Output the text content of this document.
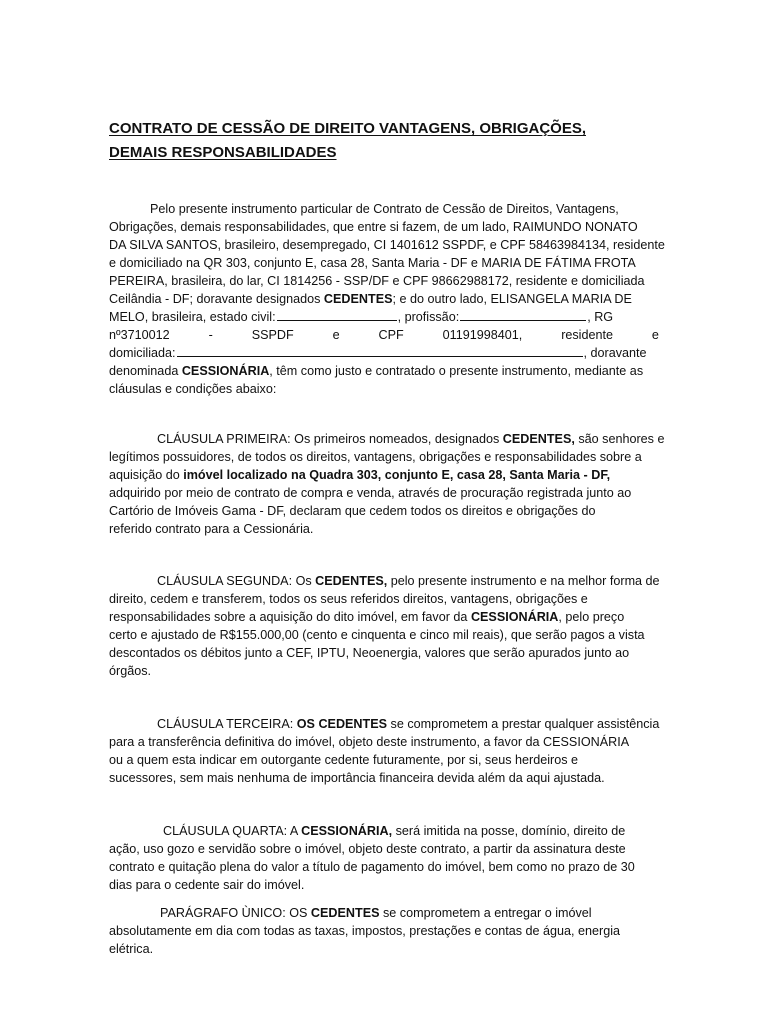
CONTRATO DE CESSÃO DE DIREITO VANTAGENS, OBRIGAÇÕES,
DEMAIS RESPONSABILIDADES
Pelo presente instrumento particular de Contrato de Cessão de Direitos, Vantagens,
Obrigações, demais responsabilidades, que entre si fazem, de um lado, RAIMUNDO NONATO
DA SILVA SANTOS, brasileiro, desempregado, CI 1401612 SSPDF, e CPF 58463984134, residente
e domiciliado na QR 303, conjunto E, casa 28, Santa Maria - DF e MARIA DE FÁTIMA FROTA
PEREIRA, brasileira, do lar, CI 1814256 - SSP/DF e CPF 98662988172, residente e domiciliada
Ceilândia - DF; doravante designados CEDENTES; e do outro lado, ELISANGELA MARIA DE
MELO, brasileira, estado civil:	, profissão:	, RG
nº3710012	-	SSPDF	e	CPF	01191998401,	residente	e
domiciliada:	, doravante
denominada CESSIONÁRIA, têm como justo e contratado o presente instrumento, mediante as
cláusulas e condições abaixo:
CLÁUSULA PRIMEIRA: Os primeiros nomeados, designados CEDENTES, são senhores e
legítimos possuidores, de todos os direitos, vantagens, obrigações e responsabilidades sobre a
aquisição do imóvel localizado na Quadra 303, conjunto E, casa 28, Santa Maria - DF,
adquirido por meio de contrato de compra e venda, através de procuração registrada junto ao
Cartório de Imóveis Gama - DF, declaram que cedem todos os direitos e obrigações do
referido contrato para a Cessionária.
CLÁUSULA SEGUNDA: Os CEDENTES, pelo presente instrumento e na melhor forma de
direito, cedem e transferem, todos os seus referidos direitos, vantagens, obrigações e
responsabilidades sobre a aquisição do dito imóvel, em favor da CESSIONÁRIA, pelo preço
certo e ajustado de R$155.000,00 (cento e cinquenta e cinco mil reais), que serão pagos a vista
descontados os débitos junto a CEF, IPTU, Neoenergia, valores que serão apurados junto ao
órgãos.
CLÁUSULA TERCEIRA: OS CEDENTES se comprometem a prestar qualquer assistência
para a transferência definitiva do imóvel, objeto deste instrumento, a favor da CESSIONÁRIA
ou a quem esta indicar em outorgante cedente futuramente, por si, seus herdeiros e
sucessores, sem mais nenhuma de importância financeira devida além da aqui ajustada.
CLÁUSULA QUARTA: A CESSIONÁRIA, será imitida na posse, domínio, direito de
ação, uso gozo e servidão sobre o imóvel, objeto deste contrato, a partir da assinatura deste
contrato e quitação plena do valor a título de pagamento do imóvel, bem como no prazo de 30
dias para o cedente sair do imóvel.
PARÁGRAFO ÙNICO: OS CEDENTES se comprometem a entregar o imóvel
absolutamente em dia com todas as taxas, impostos, prestações e contas de água, energia
elétrica.
